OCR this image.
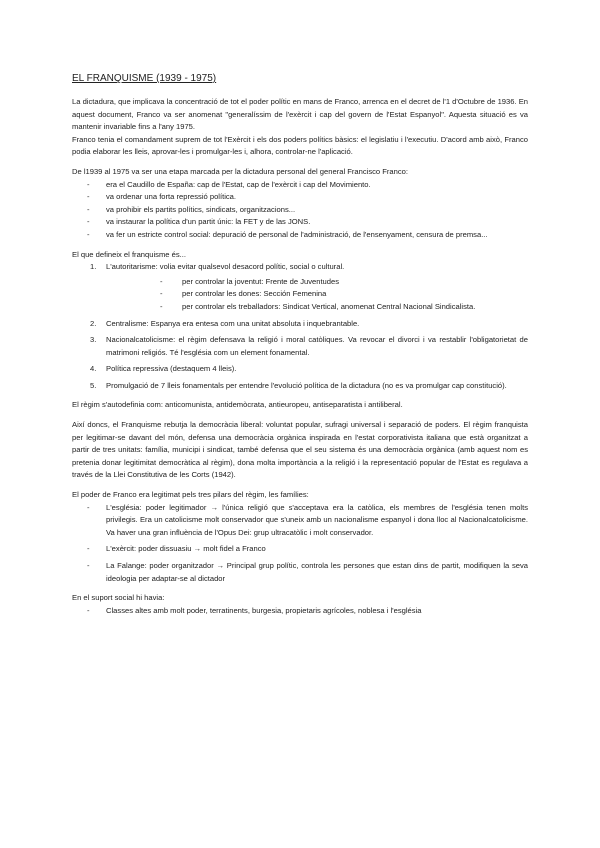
EL FRANQUISME (1939 - 1975)

La dictadura, que implicava la concentració de tot el poder polític en mans de Franco, arrenca en el decret de l'1 d'Octubre de 1936. En aquest document, Franco va ser anomenat "generalíssim de l'exèrcit i cap del govern de l'Estat Espanyol". Aquesta situació es va mantenir invariable fins a l'any 1975.

Franco tenia el comandament suprem de tot l'Exèrcit i els dos poders polítics bàsics: el legislatiu i l'executiu. D'acord amb això, Franco podia elaborar les lleis, aprovar-les i promulgar-les i, alhora, controlar-ne l'aplicació.

De l1939 al 1975 va ser una etapa marcada per la dictadura personal del general Francisco Franco:

- era el Caudillo de España: cap de l'Estat, cap de l'exèrcit i cap del Movimiento.
- va ordenar una forta repressió política.
- va prohibir els partits polítics, sindicats, organitzacions...
- va instaurar la política d'un partit únic: la FET y de las JONS.
- va fer un estricte control social: depuració de personal de l'administració, de l'ensenyament, censura de premsa...

El que defineix el franquisme és...

1. L'autoritarisme: volia evitar qualsevol desacord polític, social o cultural.
- per controlar la joventut: Frente de Juventudes
- per controlar les dones: Sección Femenina
- per controlar els treballadors: Sindicat Vertical, anomenat Central Nacional Sindicalista.
2. Centralisme: Espanya era entesa com una unitat absoluta i inquebrantable.
3. Nacionalcatolicisme: el règim defensava la religió i moral catòliques. Va revocar el divorci i va restablir l'obligatorietat de matrimoni religiós. Té l'església com un element fonamental.
4. Política repressiva (destaquem 4 lleis).
5. Promulgació de 7 lleis fonamentals per entendre l'evolució política de la dictadura (no es va promulgar cap constitució).

El règim s'autodefinia com: anticomunista, antidemòcrata, antieuropeu, antiseparatista i antiliberal.

Així doncs, el Franquisme rebutja la democràcia liberal: voluntat popular, sufragi universal i separació de poders. El règim franquista per legitimar-se davant del món, defensa una democràcia orgànica inspirada en l'estat corporativista italiana que està organitzat a partir de tres unitats: família, municipi i sindicat, també defensa que el seu sistema és una democràcia orgànica (amb aquest nom es pretenia donar legitimitat democràtica al règim), dona molta importància a la religió i la representació popular de l'Estat es regulava a través de la Llei Constitutiva de les Corts (1942).

El poder de Franco era legitimat pels tres pilars del règim, les famílies:

- L'església: poder legitimador → l'única religió que s'acceptava era la catòlica, els membres de l'església tenen molts privilegis. Era un catolicisme molt conservador que s'uneix amb un nacionalisme espanyol i dona lloc al Nacionalcatolicisme. Va haver una gran influència de l'Opus Dei: grup ultracatòlic i molt conservador.
- L'exèrcit: poder dissuasiu → molt fidel a Franco
- La Falange: poder organitzador → Principal grup polític, controla les persones que estan dins de partit, modifiquen la seva ideologia per adaptar-se al dictador

En el suport social hi havia:

- Classes altes amb molt poder, terratinents, burgesia, propietaris agrícoles, noblesa i l'església
